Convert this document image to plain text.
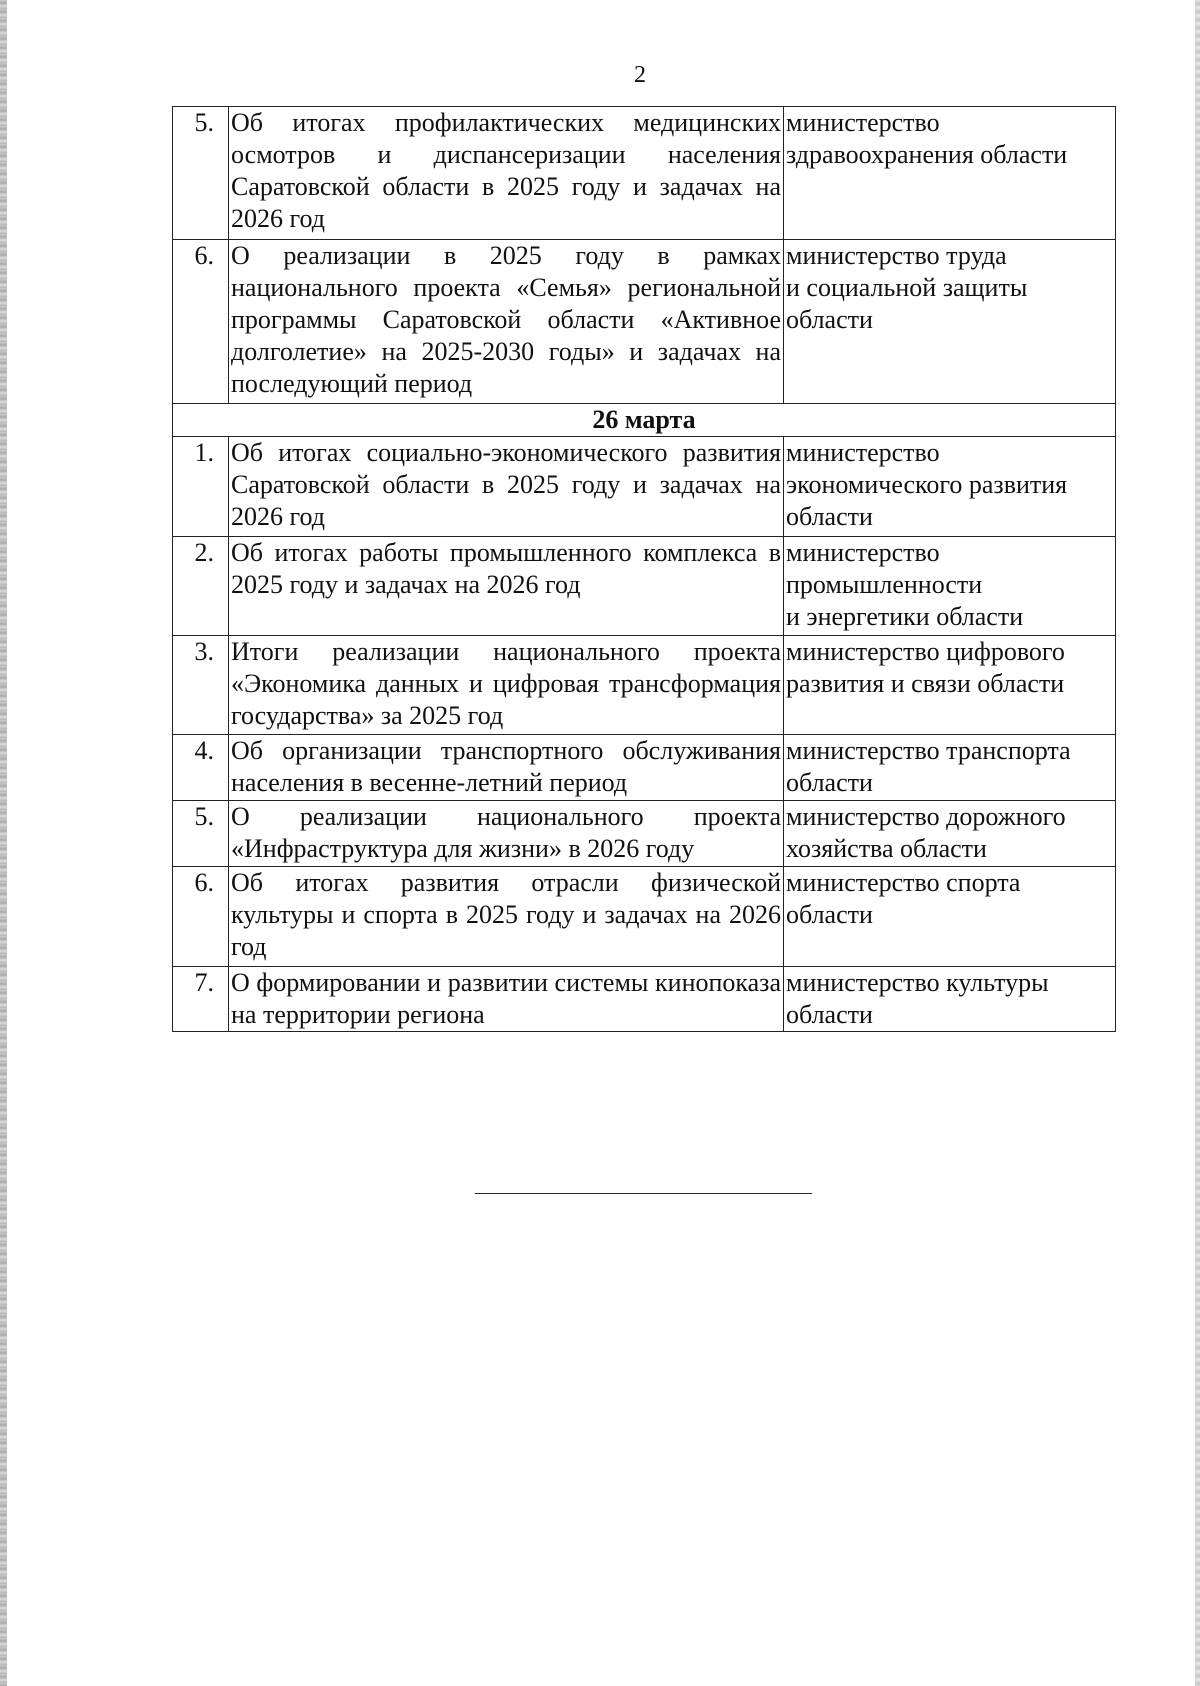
2
5.	Об итогах профилактических медицинских осмотров и диспансеризации населения Саратовской области в 2025 году и задачах на 2026 год	министерство
здравоохранения области
6.	О реализации в 2025 году в рамках национального проекта «Семья» региональной программы Саратовской области «Активное долголетие» на 2025-2030 годы» и задачах на последующий период	министерство труда
и социальной защиты
области
26 марта		
1.	Об итогах социально-экономического развития Саратовской области в 2025 году и задачах на 2026 год	министерство
экономического развития
области
2.	Об итогах работы промышленного комплекса в 2025 году и задачах на 2026 год	министерство
промышленности
и энергетики области
3.	Итоги реализации национального проекта «Экономика данных и цифровая трансформация государства» за 2025 год	министерство цифрового
развития и связи области
4.	Об организации транспортного обслуживания населения в весенне-летний период	министерство транспорта
области
5.	О реализации национального проекта «Инфраструктура для жизни» в 2026 году	министерство дорожного
хозяйства области
6.	Об итогах развития отрасли физической культуры и спорта в 2025 году и задачах на 2026 год	министерство спорта
области
7.	О формировании и развитии системы кинопоказа на территории региона	министерство культуры
области
